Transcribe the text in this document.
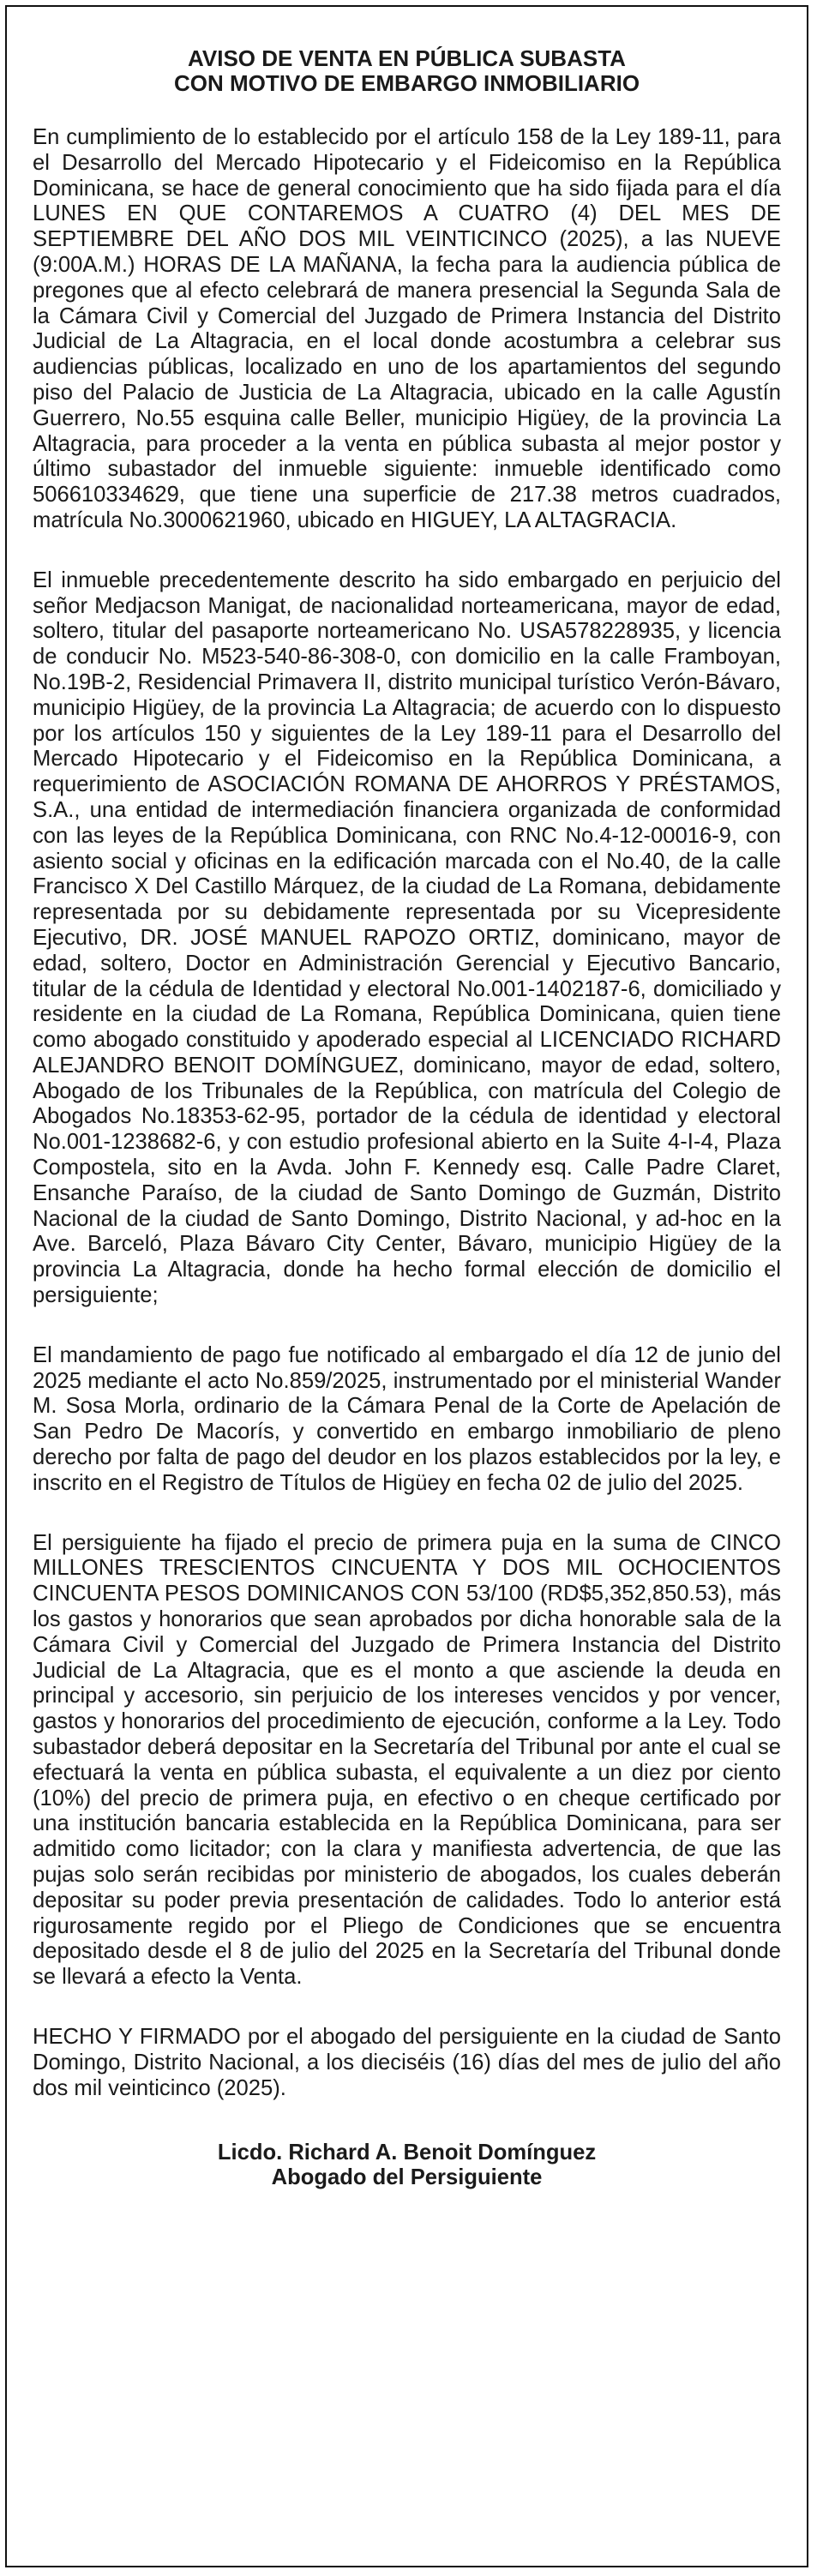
AVISO DE VENTA EN PÚBLICA SUBASTA
CON MOTIVO DE EMBARGO INMOBILIARIO

En cumplimiento de lo establecido por el artículo 158 de la Ley 189-11, para el Desarrollo del Mercado Hipotecario y el Fideicomiso en la República Dominicana, se hace de general conocimiento que ha sido fijada para el día LUNES EN QUE CONTAREMOS A CUATRO (4) DEL MES DE SEPTIEMBRE DEL AÑO DOS MIL VEINTICINCO (2025), a las NUEVE (9:00A.M.) HORAS DE LA MAÑANA, la fecha para la audiencia pública de pregones que al efecto celebrará de manera presencial la Segunda Sala de la Cámara Civil y Comercial del Juzgado de Primera Instancia del Distrito Judicial de La Altagracia, en el local donde acostumbra a celebrar sus audiencias públicas, localizado en uno de los apartamientos del segundo piso del Palacio de Justicia de La Altagracia, ubicado en la calle Agustín Guerrero, No.55 esquina calle Beller, municipio Higüey, de la provincia La Altagracia, para proceder a la venta en pública subasta al mejor postor y último subastador del inmueble siguiente: inmueble identificado como 506610334629, que tiene una superficie de 217.38 metros cuadrados, matrícula No.3000621960, ubicado en HIGUEY, LA ALTAGRACIA.

El inmueble precedentemente descrito ha sido embargado en perjuicio del señor Medjacson Manigat, de nacionalidad norteamericana, mayor de edad, soltero, titular del pasaporte norteamericano No. USA578228935, y licencia de conducir No. M523-540-86-308-0, con domicilio en la calle Framboyan, No.19B-2, Residencial Primavera II, distrito municipal turístico Verón-Bávaro, municipio Higüey, de la provincia La Altagracia; de acuerdo con lo dispuesto por los artículos 150 y siguientes de la Ley 189-11 para el Desarrollo del Mercado Hipotecario y el Fideicomiso en la República Dominicana, a requerimiento de ASOCIACIÓN ROMANA DE AHORROS Y PRÉSTAMOS, S.A., una entidad de intermediación financiera organizada de conformidad con las leyes de la República Dominicana, con RNC No.4-12-00016-9, con asiento social y oficinas en la edificación marcada con el No.40, de la calle Francisco X Del Castillo Márquez, de la ciudad de La Romana, debidamente representada por su debidamente representada por su Vicepresidente Ejecutivo, DR. JOSÉ MANUEL RAPOZO ORTIZ, dominicano, mayor de edad, soltero, Doctor en Administración Gerencial y Ejecutivo Bancario, titular de la cédula de Identidad y electoral No.001-1402187-6, domiciliado y residente en la ciudad de La Romana, República Dominicana, quien tiene como abogado constituido y apoderado especial al LICENCIADO RICHARD ALEJANDRO BENOIT DOMÍNGUEZ, dominicano, mayor de edad, soltero, Abogado de los Tribunales de la República, con matrícula del Colegio de Abogados No.18353-62-95, portador de la cédula de identidad y electoral No.001-1238682-6, y con estudio profesional abierto en la Suite 4-I-4, Plaza Compostela, sito en la Avda. John F. Kennedy esq. Calle Padre Claret, Ensanche Paraíso, de la ciudad de Santo Domingo de Guzmán, Distrito Nacional de la ciudad de Santo Domingo, Distrito Nacional, y ad-hoc en la Ave. Barceló, Plaza Bávaro City Center, Bávaro, municipio Higüey de la provincia La Altagracia, donde ha hecho formal elección de domicilio el persiguiente;

El mandamiento de pago fue notificado al embargado el día 12 de junio del 2025 mediante el acto No.859/2025, instrumentado por el ministerial Wander M. Sosa Morla, ordinario de la Cámara Penal de la Corte de Apelación de San Pedro De Macorís, y convertido en embargo inmobiliario de pleno derecho por falta de pago del deudor en los plazos establecidos por la ley, e inscrito en el Registro de Títulos de Higüey en fecha 02 de julio del 2025.

El persiguiente ha fijado el precio de primera puja en la suma de CINCO MILLONES TRESCIENTOS CINCUENTA Y DOS MIL OCHOCIENTOS CINCUENTA PESOS DOMINICANOS CON 53/100 (RD$5,352,850.53), más los gastos y honorarios que sean aprobados por dicha honorable sala de la Cámara Civil y Comercial del Juzgado de Primera Instancia del Distrito Judicial de La Altagracia, que es el monto a que asciende la deuda en principal y accesorio, sin perjuicio de los intereses vencidos y por vencer, gastos y honorarios del procedimiento de ejecución, conforme a la Ley. Todo subastador deberá depositar en la Secretaría del Tribunal por ante el cual se efectuará la venta en pública subasta, el equivalente a un diez por ciento (10%) del precio de primera puja, en efectivo o en cheque certificado por una institución bancaria establecida en la República Dominicana, para ser admitido como licitador; con la clara y manifiesta advertencia, de que las pujas solo serán recibidas por ministerio de abogados, los cuales deberán depositar su poder previa presentación de calidades. Todo lo anterior está rigurosamente regido por el Pliego de Condiciones que se encuentra depositado desde el 8 de julio del 2025 en la Secretaría del Tribunal donde se llevará a efecto la Venta.

HECHO Y FIRMADO por el abogado del persiguiente en la ciudad de Santo Domingo, Distrito Nacional, a los dieciséis (16) días del mes de julio del año dos mil veinticinco (2025).

Licdo. Richard A. Benoit Domínguez
Abogado del Persiguiente
